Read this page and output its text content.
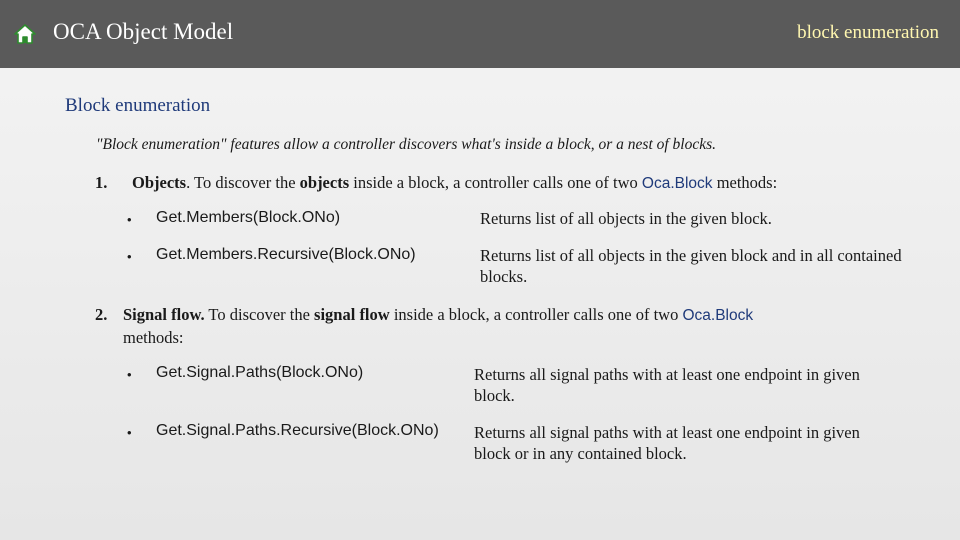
OCA Object Model	block enumeration
Block enumeration
"Block enumeration" features allow a controller discovers what's inside a block, or a nest of blocks.
1. Objects. To discover the objects inside a block, a controller calls one of two Oca.Block methods:
• Get.Members(Block.ONo)	Returns list of all objects in the given block.
• Get.Members.Recursive(Block.ONo)	Returns list of all objects in the given block and in all contained blocks.
2. Signal flow. To discover the signal flow inside a block, a controller calls one of two Oca.Block
methods:
• Get.Signal.Paths(Block.ONo)	Returns all signal paths with at least one endpoint in given block.
• Get.Signal.Paths.Recursive(Block.ONo) Returns all signal paths with at least one endpoint in given block or in any contained block.
